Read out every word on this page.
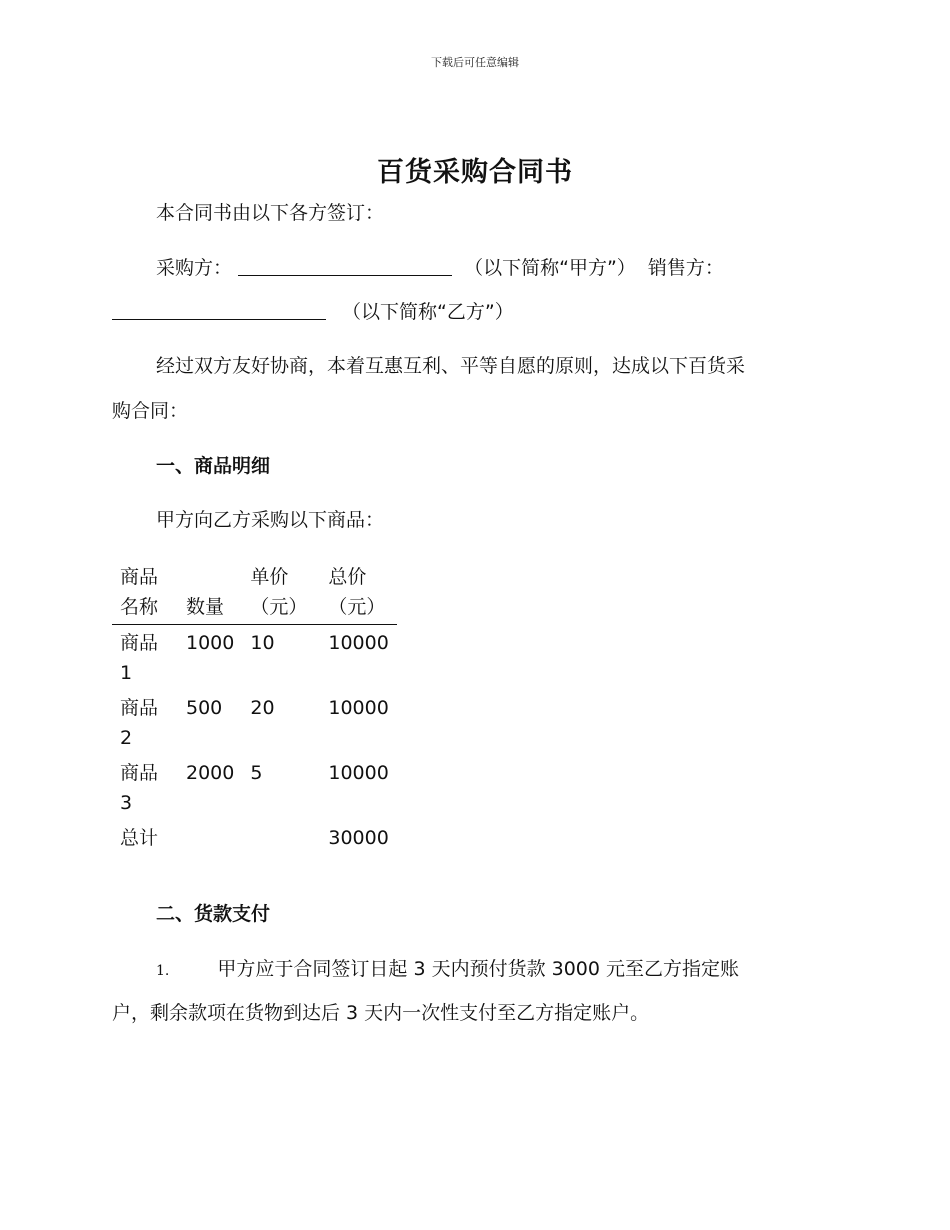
下载后可任意编辑
百货采购合同书
本合同书由以下各方签订：
采购方：	（以下简称“甲方”） 销售方：
（以下简称“乙方”）
经过双方友好协商，本着互惠互利、平等自愿的原则，达成以下百货采
购合同：
一、商品明细
甲方向乙方采购以下商品：
商品名称	数量	单价（元）	总价（元）
商品1	1000	10	10000
商品2	500	20	10000
商品3	2000	5	10000
总计			30000
二、货款支付
1.	甲方应于合同签订日起 3 天内预付货款 3000 元至乙方指定账
户，剩余款项在货物到达后 3 天内一次性支付至乙方指定账户。
